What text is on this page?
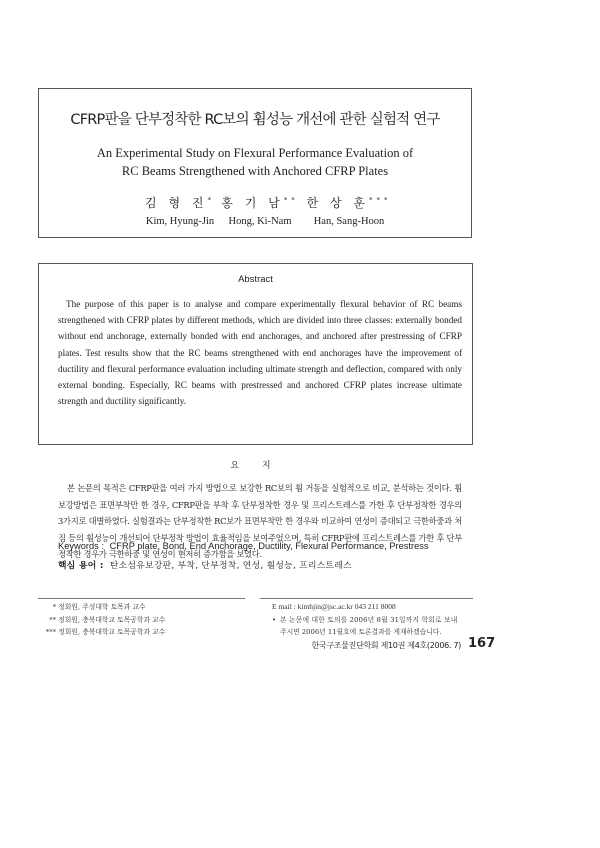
CFRP판을 단부정착한 RC보의 휨성능 개선에 관한 실험적 연구
An Experimental Study on Flexural Performance Evaluation of
RC Beams Strengthened with Anchored CFRP Plates
김 형 진*
Kim, Hyung-Jin
홍 기 남**
Hong, Ki-Nam
한 상 훈***
Han, Sang-Hoon
Abstract
The purpose of this paper is to analyse and compare experimentally flexural behavior of RC beams strengthened with CFRP plates by different methods, which are divided into three classes: externally bonded without end anchorage, externally bonded with end anchorages, and anchored after prestressing of CFRP plates. Test results show that the RC beams strengthened with end anchorages have the improvement of ductility and flexural performance evaluation including ultimate strength and deflection, compared with only external bonding. Especially, RC beams with prestressed and anchored CFRP plates increase ultimate strength and ductility significantly.
요 지
본 논문의 목적은 CFRP판을 여러 가지 방법으로 보강한 RC보의 휨 거동을 실험적으로 비교, 분석하는 것이다. 휨 보강방법은 표면부착만 한 경우, CFRP판을 부착 후 단부정착한 경우 및 프리스트레스를 가한 후 단부정착한 경우의 3가지로 대별하였다. 실험결과는 단부정착한 RC보가 표면부착만 한 경우와 비교하여 연성이 증대되고 극한하중과 처짐 등의 휨성능이 개선되어 단부정착 방법이 효율적임을 보여주었으며, 특히 CFRP판에 프리스트레스를 가한 후 단부정착한 경우가 극한하중 및 연성이 현저히 증가함을 보였다.
Keywords : CFRP plate, Bond, End Anchorage, Ductility, Flexural Performance, Prestress
핵심 용어 : 탄소섬유보강판, 부착, 단부정착, 연성, 휨성능, 프리스트레스
* 정회원, 주성대학 토목과 교수
** 정회원, 충북대학교 토목공학과 교수
*** 정회원, 충북대학교 토목공학과 교수
E mail : kimhjin@jsc.ac.kr 043 211 8008
• 본 논문에 대한 토의를 2006년 8월 31일까지 학회로 보내
주시면 2006년 11월호에 토론결과를 게재하겠습니다.
한국구조물진단학회 제10권 제4호(2006. 7) 167
